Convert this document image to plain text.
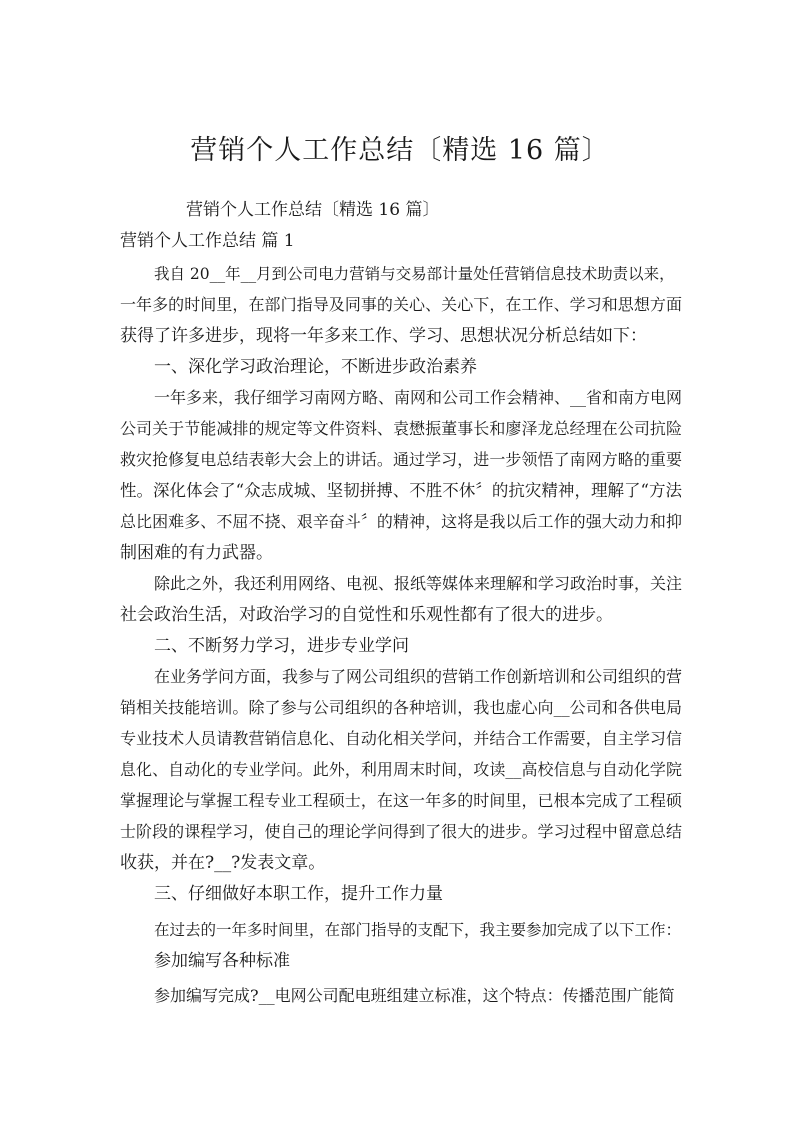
营销个人工作总结〔精选 16 篇〕
营销个人工作总结〔精选 16 篇〕
营销个人工作总结 篇 1
我自 20__年__月到公司电力营销与交易部计量处任营销信息技术助责以来，
一年多的时间里，在部门指导及同事的关心、关心下，在工作、学习和思想方面
获得了许多进步，现将一年多来工作、学习、思想状况分析总结如下：
一、深化学习政治理论，不断进步政治素养
一年多来，我仔细学习南网方略、南网和公司工作会精神、__省和南方电网
公司关于节能减排的规定等文件资料、袁懋振董事长和廖泽龙总经理在公司抗险
救灾抢修复电总结表彰大会上的讲话。通过学习，进一步领悟了南网方略的重要
性。深化体会了“众志成城、坚韧拼搏、不胜不休〞的抗灾精神，理解了“方法
总比困难多、不屈不挠、艰辛奋斗〞的精神，这将是我以后工作的强大动力和抑
制困难的有力武器。
除此之外，我还利用网络、电视、报纸等媒体来理解和学习政治时事，关注
社会政治生活，对政治学习的自觉性和乐观性都有了很大的进步。
二、不断努力学习，进步专业学问
在业务学问方面，我参与了网公司组织的营销工作创新培训和公司组织的营
销相关技能培训。除了参与公司组织的各种培训，我也虚心向__公司和各供电局
专业技术人员请教营销信息化、自动化相关学问，并结合工作需要，自主学习信
息化、自动化的专业学问。此外，利用周末时间，攻读__高校信息与自动化学院
掌握理论与掌握工程专业工程硕士，在这一年多的时间里，已根本完成了工程硕
士阶段的课程学习，使自己的理论学问得到了很大的进步。学习过程中留意总结
收获，并在?__?发表文章。
三、仔细做好本职工作，提升工作力量
在过去的一年多时间里，在部门指导的支配下，我主要参加完成了以下工作：
参加编写各种标准
参加编写完成?__电网公司配电班组建立标准，这个特点：传播范围广能简
